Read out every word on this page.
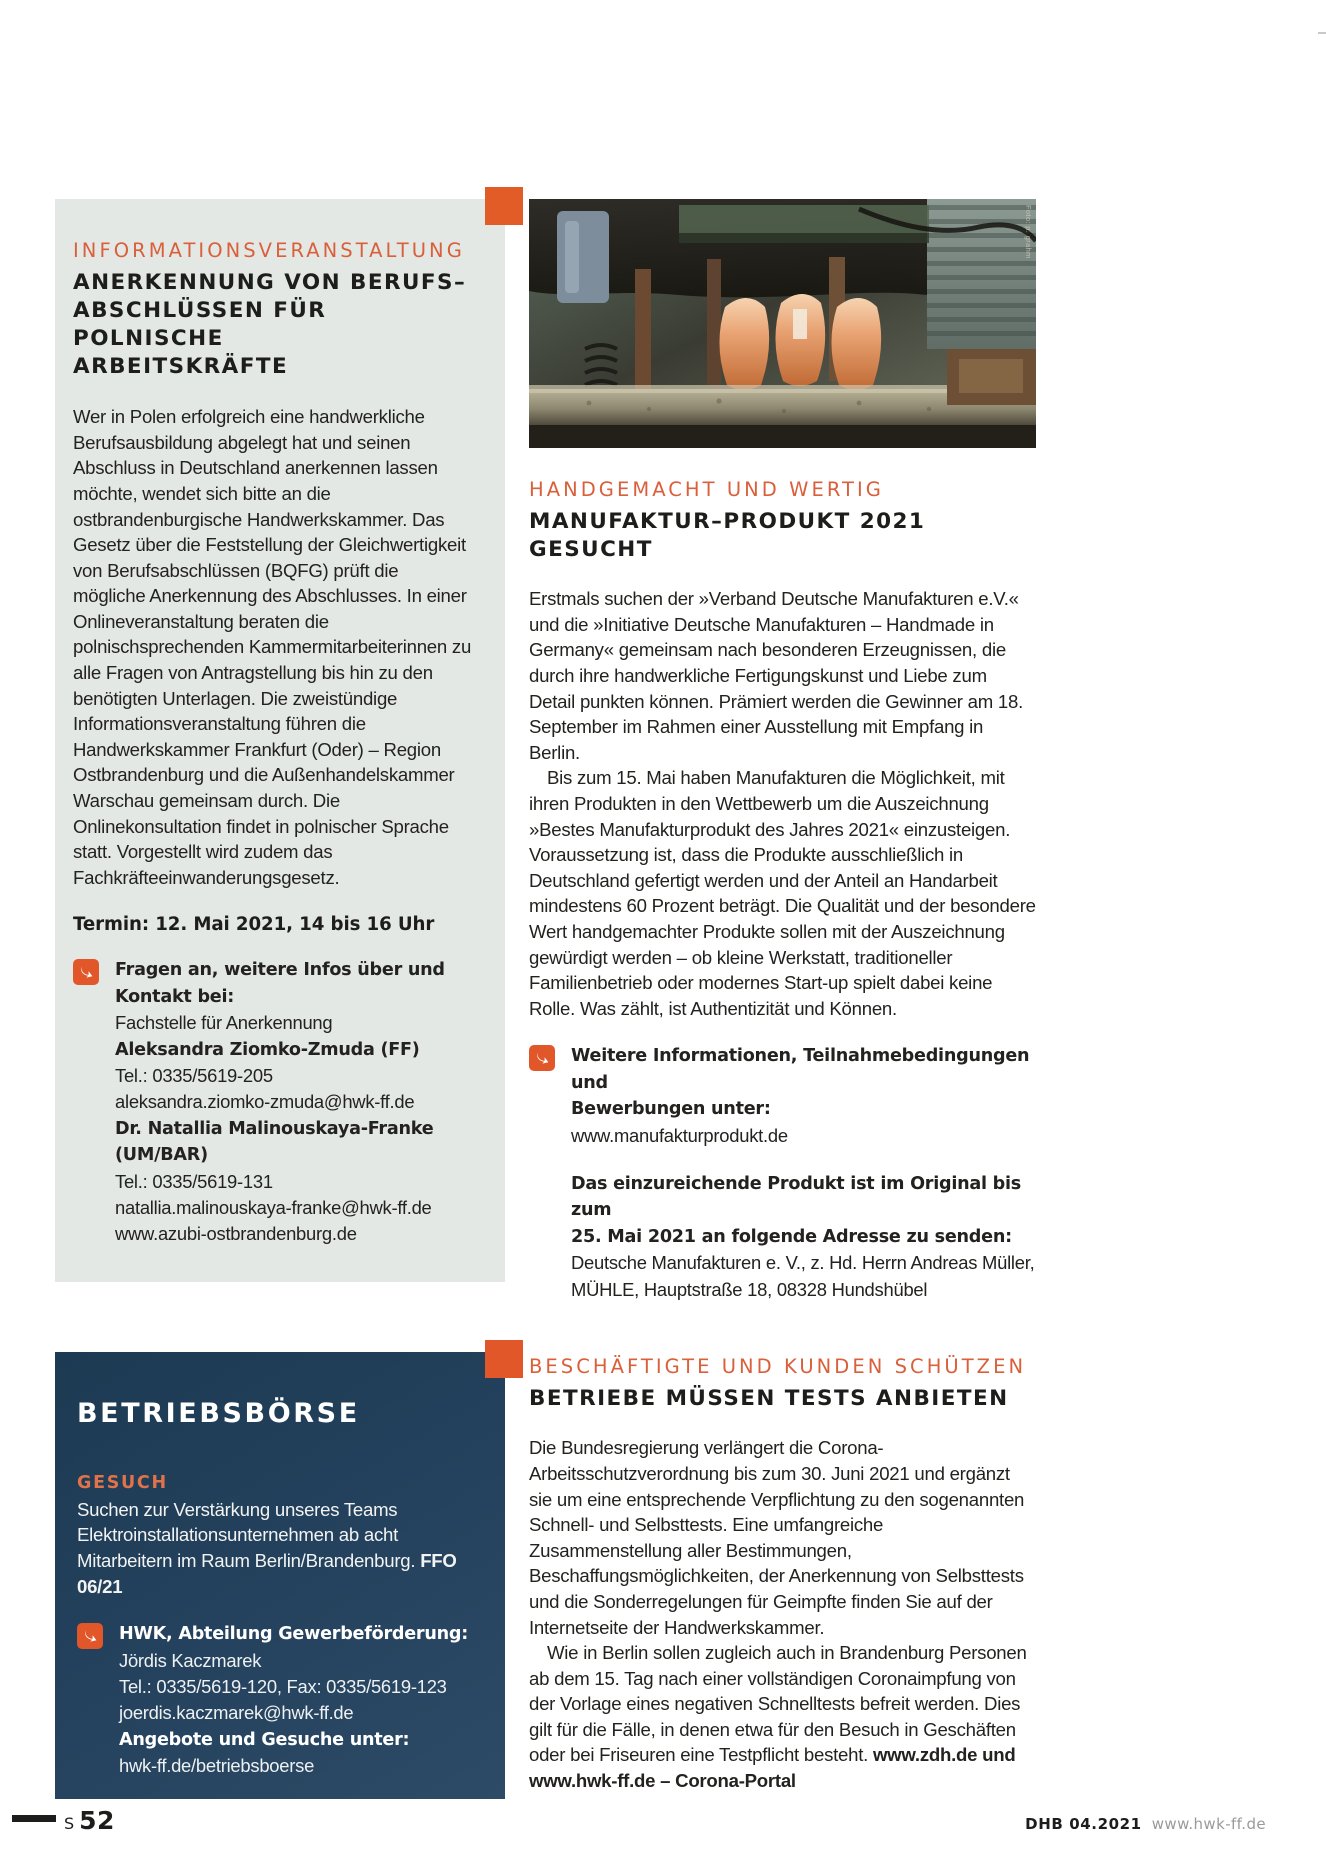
INFORMATIONSVERANSTALTUNG
ANERKENNUNG VON BERUFS–
ABSCHLÜSSEN FÜR POLNISCHE
ARBEITSKRÄFTE

Wer in Polen erfolgreich eine handwerkliche Berufsausbildung abgelegt hat und seinen Abschluss in Deutschland anerkennen lassen möchte, wendet sich bitte an die ostbrandenburgische Handwerkskammer. Das Gesetz über die Feststellung der Gleichwertigkeit von Berufsabschlüssen (BQFG) prüft die mögliche Anerkennung des Abschlusses. In einer Onlineveranstaltung beraten die polnischsprechenden Kammermitarbeiterinnen zu alle Fragen von Antragstellung bis hin zu den benötigten Unterlagen. Die zweistündige Informationsveranstaltung führen die Handwerkskammer Frankfurt (Oder) – Region Ostbrandenburg und die Außenhandelskammer Warschau gemeinsam durch. Die Onlinekonsultation findet in polnischer Sprache statt. Vorgestellt wird zudem das Fachkräfteeinwanderungsgesetz.

Termin: 12. Mai 2021, 14 bis 16 Uhr
Fragen an, weitere Infos über und Kontakt bei:
Fachstelle für Anerkennung
Aleksandra Ziomko-Zmuda (FF)
Tel.: 0335/5619-205
aleksandra.ziomko-zmuda@hwk-ff.de
Dr. Natallia Malinouskaya-Franke (UM/BAR)
Tel.: 0335/5619-131
natallia.malinouskaya-franke@hwk-ff.de
www.azubi-ostbrandenburg.de
BETRIEBSBÖRSE
GESUCH

Suchen zur Verstärkung unseres Teams Elektroinstallationsunternehmen ab acht Mitarbeitern im Raum Berlin/Brandenburg. FFO 06/21

HWK, Abteilung Gewerbeförderung:
Jördis Kaczmarek
Tel.: 0335/5619-120, Fax: 0335/5619-123
joerdis.kaczmarek@hwk-ff.de
Angebote und Gesuche unter:
hwk-ff.de/betriebsboerse
Foto: p. grahm
HANDGEMACHT UND WERTIG
MANUFAKTUR–PRODUKT 2021 GESUCHT

Erstmals suchen der »Verband Deutsche Manufakturen e.V.« und die »Initiative Deutsche Manufakturen – Handmade in Germany« gemeinsam nach besonderen Erzeugnissen, die durch ihre handwerkliche Fertigungskunst und Liebe zum Detail punkten können. Prämiert werden die Gewinner am 18. September im Rahmen einer Ausstellung mit Empfang in Berlin.

Bis zum 15. Mai haben Manufakturen die Möglichkeit, mit ihren Produkten in den Wettbewerb um die Auszeichnung »Bestes Manufakturprodukt des Jahres 2021« einzusteigen. Voraussetzung ist, dass die Produkte ausschließlich in Deutschland gefertigt werden und der Anteil an Handarbeit mindestens 60 Prozent beträgt. Die Qualität und der besondere Wert handgemachter Produkte sollen mit der Auszeichnung gewürdigt werden – ob kleine Werkstatt, traditioneller Familienbetrieb oder modernes Start-up spielt dabei keine Rolle. Was zählt, ist Authentizität und Können.

Weitere Informationen, Teilnahmebedingungen und
Bewerbungen unter:
www.manufakturprodukt.de
Das einzureichende Produkt ist im Original bis zum
25. Mai 2021 an folgende Adresse zu senden:
Deutsche Manufakturen e. V., z. Hd. Herrn Andreas Müller,
MÜHLE, Hauptstraße 18, 08328 Hundshübel
BESCHÄFTIGTE UND KUNDEN SCHÜTZEN
BETRIEBE MÜSSEN TESTS ANBIETEN

Die Bundesregierung verlängert die Corona-Arbeitsschutzverordnung bis zum 30. Juni 2021 und ergänzt sie um eine entsprechende Verpflichtung zu den sogenannten Schnell- und Selbsttests. Eine umfangreiche Zusammenstellung aller Bestimmungen, Beschaffungsmöglichkeiten, der Anerkennung von Selbsttests und die Sonderregelungen für Geimpfte finden Sie auf der Internetseite der Handwerkskammer.

Wie in Berlin sollen zugleich auch in Brandenburg Personen ab dem 15. Tag nach einer vollständigen Coronaimpfung von der Vorlage eines negativen Schnelltests befreit werden. Dies gilt für die Fälle, in denen etwa für den Besuch in Geschäften oder bei Friseuren eine Testpflicht besteht. www.zdh.de und www.hwk-ff.de – Corona-Portal

S 52	DHB 04.2021 www.hwk-ff.de
